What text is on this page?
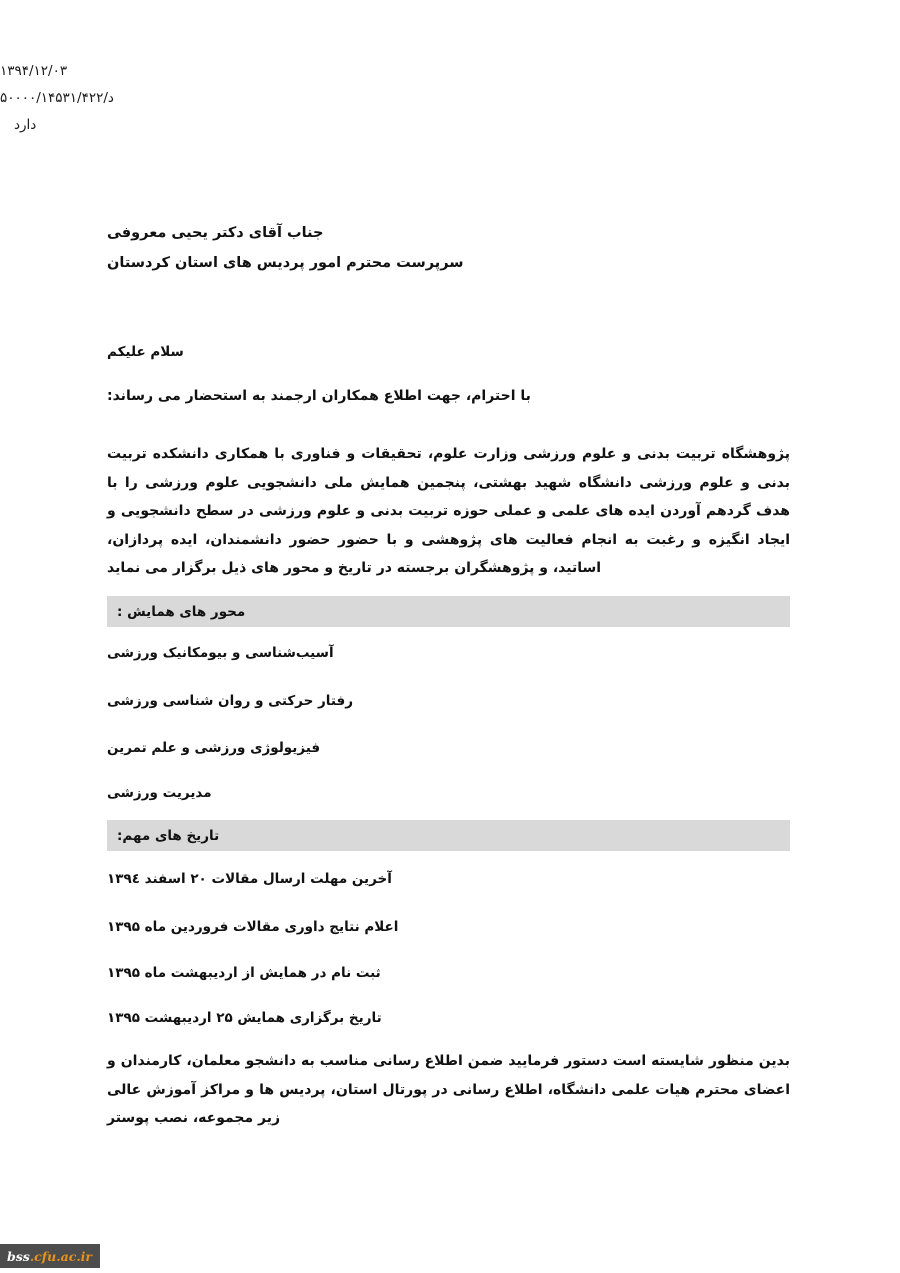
۱۳۹۴/۱۲/۰۳
د/۵۰۰۰۰/۱۴۵۳۱/۴۲۲
دارد
جناب آقای دکتر یحیی معروفی
سرپرست محترم امور پردیس های استان کردستان
سلام علیکم
با احترام، جهت اطلاع همکاران ارجمند به استحضار می رساند:
پژوهشگاه تربیت بدنی و علوم ورزشی وزارت علوم، تحقیقات و فناوری با همکاری دانشکده تربیت بدنی و علوم ورزشی دانشگاه شهید بهشتی، پنجمین همایش ملی دانشجویی علوم ورزشی را با هدف گردهم آوردن ایده های علمی و عملی حوزه تربیت بدنی و علوم ورزشی در سطح دانشجویی و ایجاد انگیزه و رغبت به انجام فعالیت های پژوهشی و با حضور حضور دانشمندان، ایده پردازان، اساتید، و پژوهشگران برجسته در تاریخ و محور های ذیل برگزار می نماید
محور های همایش :
آسیب‌شناسی و بیومکانیک ورزشی
رفتار حرکتی و روان شناسی ورزشی
فیزیولوژی ورزشی و علم تمرین
مدیریت ورزشی
تاریخ های مهم:
آخرین مهلت ارسال مقالات ۲۰ اسفند ۱۳۹٤
اعلام نتایج داوری مقالات فروردین ماه ۱۳۹۵
ثبت نام در همایش از اردیبهشت ماه ۱۳۹۵
تاریخ برگزاری همایش ۲۵ اردیبهشت ۱۳۹۵
بدین منظور شایسته است دستور فرمایید ضمن اطلاع رسانی مناسب به دانشجو معلمان، کارمندان و اعضای محترم هیات علمی دانشگاه، اطلاع رسانی در پورتال استان، پردیس ها و مراکز آموزش عالی زیر مجموعه، نصب پوستر
bss.cfu.ac.ir
